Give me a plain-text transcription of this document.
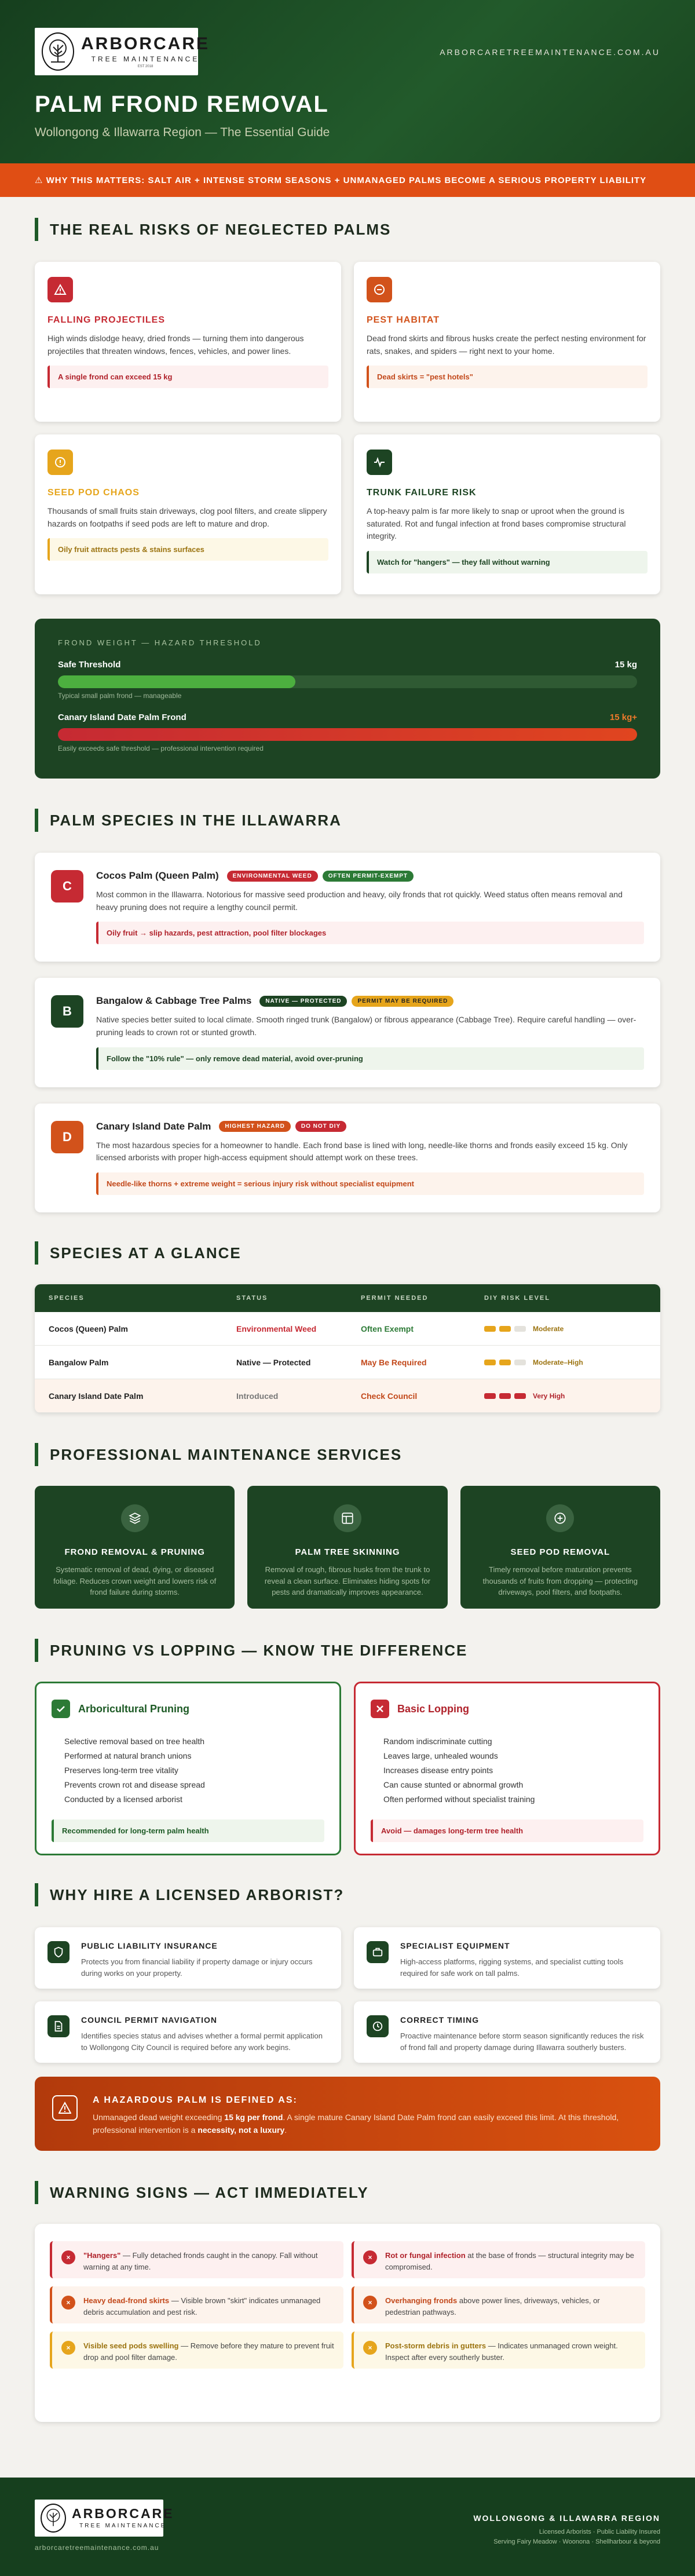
ARBORCARE
TREE MAINTENANCE
EST 2018
ARBORCARETREEMAINTENANCE.COM.AU
PALM FROND REMOVAL
Wollongong & Illawarra Region — The Essential Guide
⚠ WHY THIS MATTERS: SALT AIR + INTENSE STORM SEASONS + UNMANAGED PALMS BECOME A SERIOUS PROPERTY LIABILITY
THE REAL RISKS OF NEGLECTED PALMS
FALLING PROJECTILES

High winds dislodge heavy, dried fronds — turning them into dangerous projectiles that threaten windows, fences, vehicles, and power lines.

A single frond can exceed 15 kg
PEST HABITAT

Dead frond skirts and fibrous husks create the perfect nesting environment for rats, snakes, and spiders — right next to your home.

Dead skirts = "pest hotels"
SEED POD CHAOS

Thousands of small fruits stain driveways, clog pool filters, and create slippery hazards on footpaths if seed pods are left to mature and drop.

Oily fruit attracts pests & stains surfaces
TRUNK FAILURE RISK

A top-heavy palm is far more likely to snap or uproot when the ground is saturated. Rot and fungal infection at frond bases compromise structural integrity.

Watch for "hangers" — they fall without warning
FROND WEIGHT — HAZARD THRESHOLD
Safe Threshold	15 kg
Typical small palm frond — manageable
Canary Island Date Palm Frond	15 kg+
Easily exceeds safe threshold — professional intervention required
PALM SPECIES IN THE ILLAWARRA
C
Cocos Palm (Queen Palm)	ENVIRONMENTAL WEED	OFTEN PERMIT-EXEMPT

Most common in the Illawarra. Notorious for massive seed production and heavy, oily fronds that rot quickly. Weed status often means removal and heavy pruning does not require a lengthy council permit.

Oily fruit → slip hazards, pest attraction, pool filter blockages
B
Bangalow & Cabbage Tree Palms	NATIVE — PROTECTED	PERMIT MAY BE REQUIRED

Native species better suited to local climate. Smooth ringed trunk (Bangalow) or fibrous appearance (Cabbage Tree). Require careful handling — over-pruning leads to crown rot or stunted growth.

Follow the "10% rule" — only remove dead material, avoid over-pruning
D
Canary Island Date Palm	HIGHEST HAZARD	DO NOT DIY

The most hazardous species for a homeowner to handle. Each frond base is lined with long, needle-like thorns and fronds easily exceed 15 kg. Only licensed arborists with proper high-access equipment should attempt work on these trees.

Needle-like thorns + extreme weight = serious injury risk without specialist equipment
SPECIES AT A GLANCE
SPECIES	STATUS	PERMIT NEEDED	DIY RISK LEVEL
Cocos (Queen) Palm	Environmental Weed	Often Exempt	Moderate
Bangalow Palm	Native — Protected	May Be Required	Moderate–High
Canary Island Date Palm	Introduced	Check Council	Very High
PROFESSIONAL MAINTENANCE SERVICES
FROND REMOVAL & PRUNING

Systematic removal of dead, dying, or diseased foliage. Reduces crown weight and lowers risk of frond failure during storms.

PALM TREE SKINNING

Removal of rough, fibrous husks from the trunk to reveal a clean surface. Eliminates hiding spots for pests and dramatically improves appearance.

SEED POD REMOVAL

Timely removal before maturation prevents thousands of fruits from dropping — protecting driveways, pool filters, and footpaths.

PRUNING VS LOPPING — KNOW THE DIFFERENCE
Arboricultural Pruning
Selective removal based on tree health
Performed at natural branch unions
Preserves long-term tree vitality
Prevents crown rot and disease spread
Conducted by a licensed arborist
Recommended for long-term palm health
Basic Lopping
Random indiscriminate cutting
Leaves large, unhealed wounds
Increases disease entry points
Can cause stunted or abnormal growth
Often performed without specialist training
Avoid — damages long-term tree health
WHY HIRE A LICENSED ARBORIST?
PUBLIC LIABILITY INSURANCE

Protects you from financial liability if property damage or injury occurs during works on your property.

SPECIALIST EQUIPMENT

High-access platforms, rigging systems, and specialist cutting tools required for safe work on tall palms.

COUNCIL PERMIT NAVIGATION

Identifies species status and advises whether a formal permit application to Wollongong City Council is required before any work begins.

CORRECT TIMING

Proactive maintenance before storm season significantly reduces the risk of frond fall and property damage during Illawarra southerly busters.

A HAZARDOUS PALM IS DEFINED AS:

Unmanaged dead weight exceeding 15 kg per frond. A single mature Canary Island Date Palm frond can easily exceed this limit. At this threshold, professional intervention is a necessity, not a luxury.

WARNING SIGNS — ACT IMMEDIATELY
×	"Hangers" — Fully detached fronds caught in the canopy. Fall without warning at any time.
×	Rot or fungal infection at the base of fronds — structural integrity may be compromised.
×	Heavy dead-frond skirts — Visible brown "skirt" indicates unmanaged debris accumulation and pest risk.
×	Overhanging fronds above power lines, driveways, vehicles, or pedestrian pathways.
×	Visible seed pods swelling — Remove before they mature to prevent fruit drop and pool filter damage.
×	Post-storm debris in gutters — Indicates unmanaged crown weight. Inspect after every southerly buster.
ARBORCARE
TREE MAINTENANCE
arborcaretreemaintenance.com.au
WOLLONGONG & ILLAWARRA REGION
Licensed Arborists · Public Liability Insured
Serving Fairy Meadow · Woonona · Shellharbour & beyond
